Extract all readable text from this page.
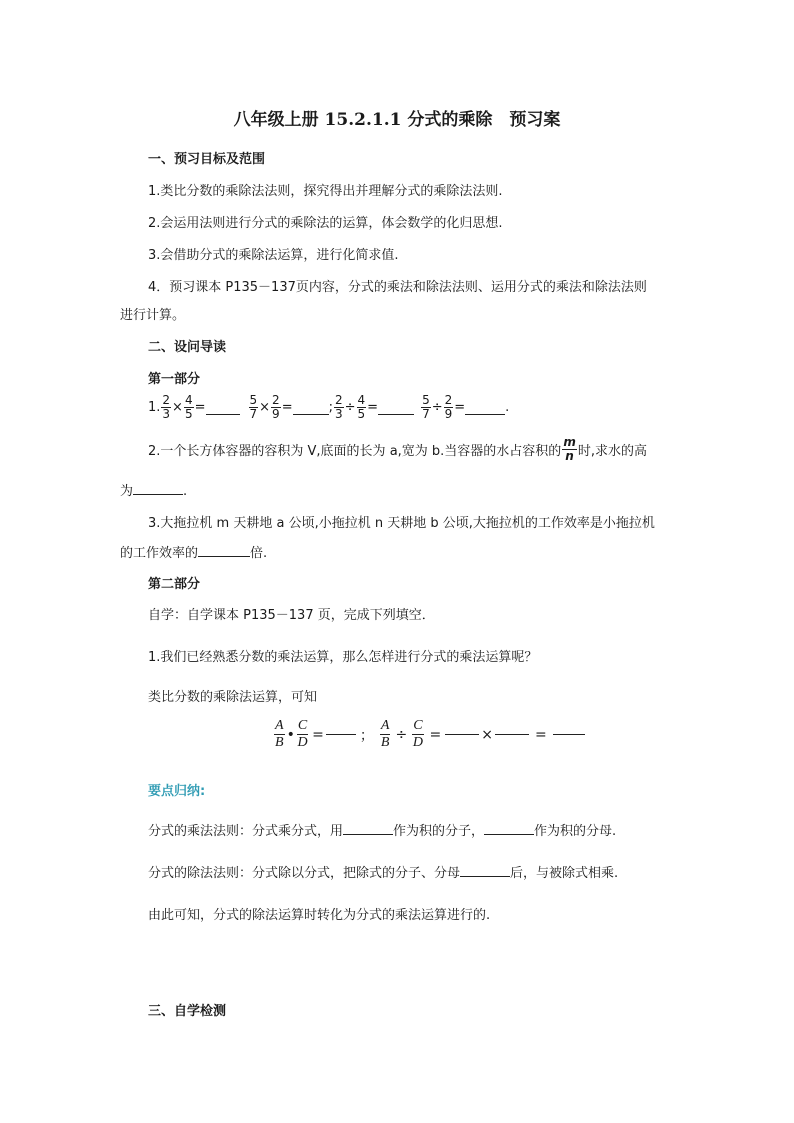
八年级上册 15.2.1.1 分式的乘除　预习案
一、预习目标及范围
1.类比分数的乘除法法则，探究得出并理解分式的乘除法法则.
2.会运用法则进行分式的乘除法的运算，体会数学的化归思想.
3.会借助分式的乘除法运算，进行化简求值.
4．预习课本 P135－137页内容，分式的乘法和除法法则、运用分式的乘法和除法法则
进行计算。
二、设问导读
第一部分
1. $\frac{2}{3} \times \frac{4}{5}$ =	$\frac{5}{7} \times \frac{2}{9}$ =	; $\frac{2}{3} \div \frac{4}{5}$ =	$\frac{5}{7} \div \frac{2}{9}$ =	.
2.一个长方体容器的容积为 V,底面的长为 a,宽为 b.当容器的水占容积的 $\frac{m}{n}$ 时,求水的高
为	.
3.大拖拉机 m 天耕地 a 公顷,小拖拉机 n 天耕地 b 公顷,大拖拉机的工作效率是小拖拉机
的工作效率的	倍.
第二部分
自学：自学课本 P135－137 页，完成下列填空．
1.我们已经熟悉分数的乘法运算，那么怎样进行分式的乘法运算呢？
类比分数的乘除法运算，可知
A
B • $\frac{C}{D}$ =	； $\frac{A}{B} \div \frac{C}{D}$ =	×	=
要点归纳:
分式的乘法法则：分式乘分式，用	作为积的分子，	作为积的分母.
分式的除法法则：分式除以分式，把除式的分子、分母	后，与被除式相乘.
由此可知，分式的除法运算时转化为分式的乘法运算进行的.
三、自学检测
